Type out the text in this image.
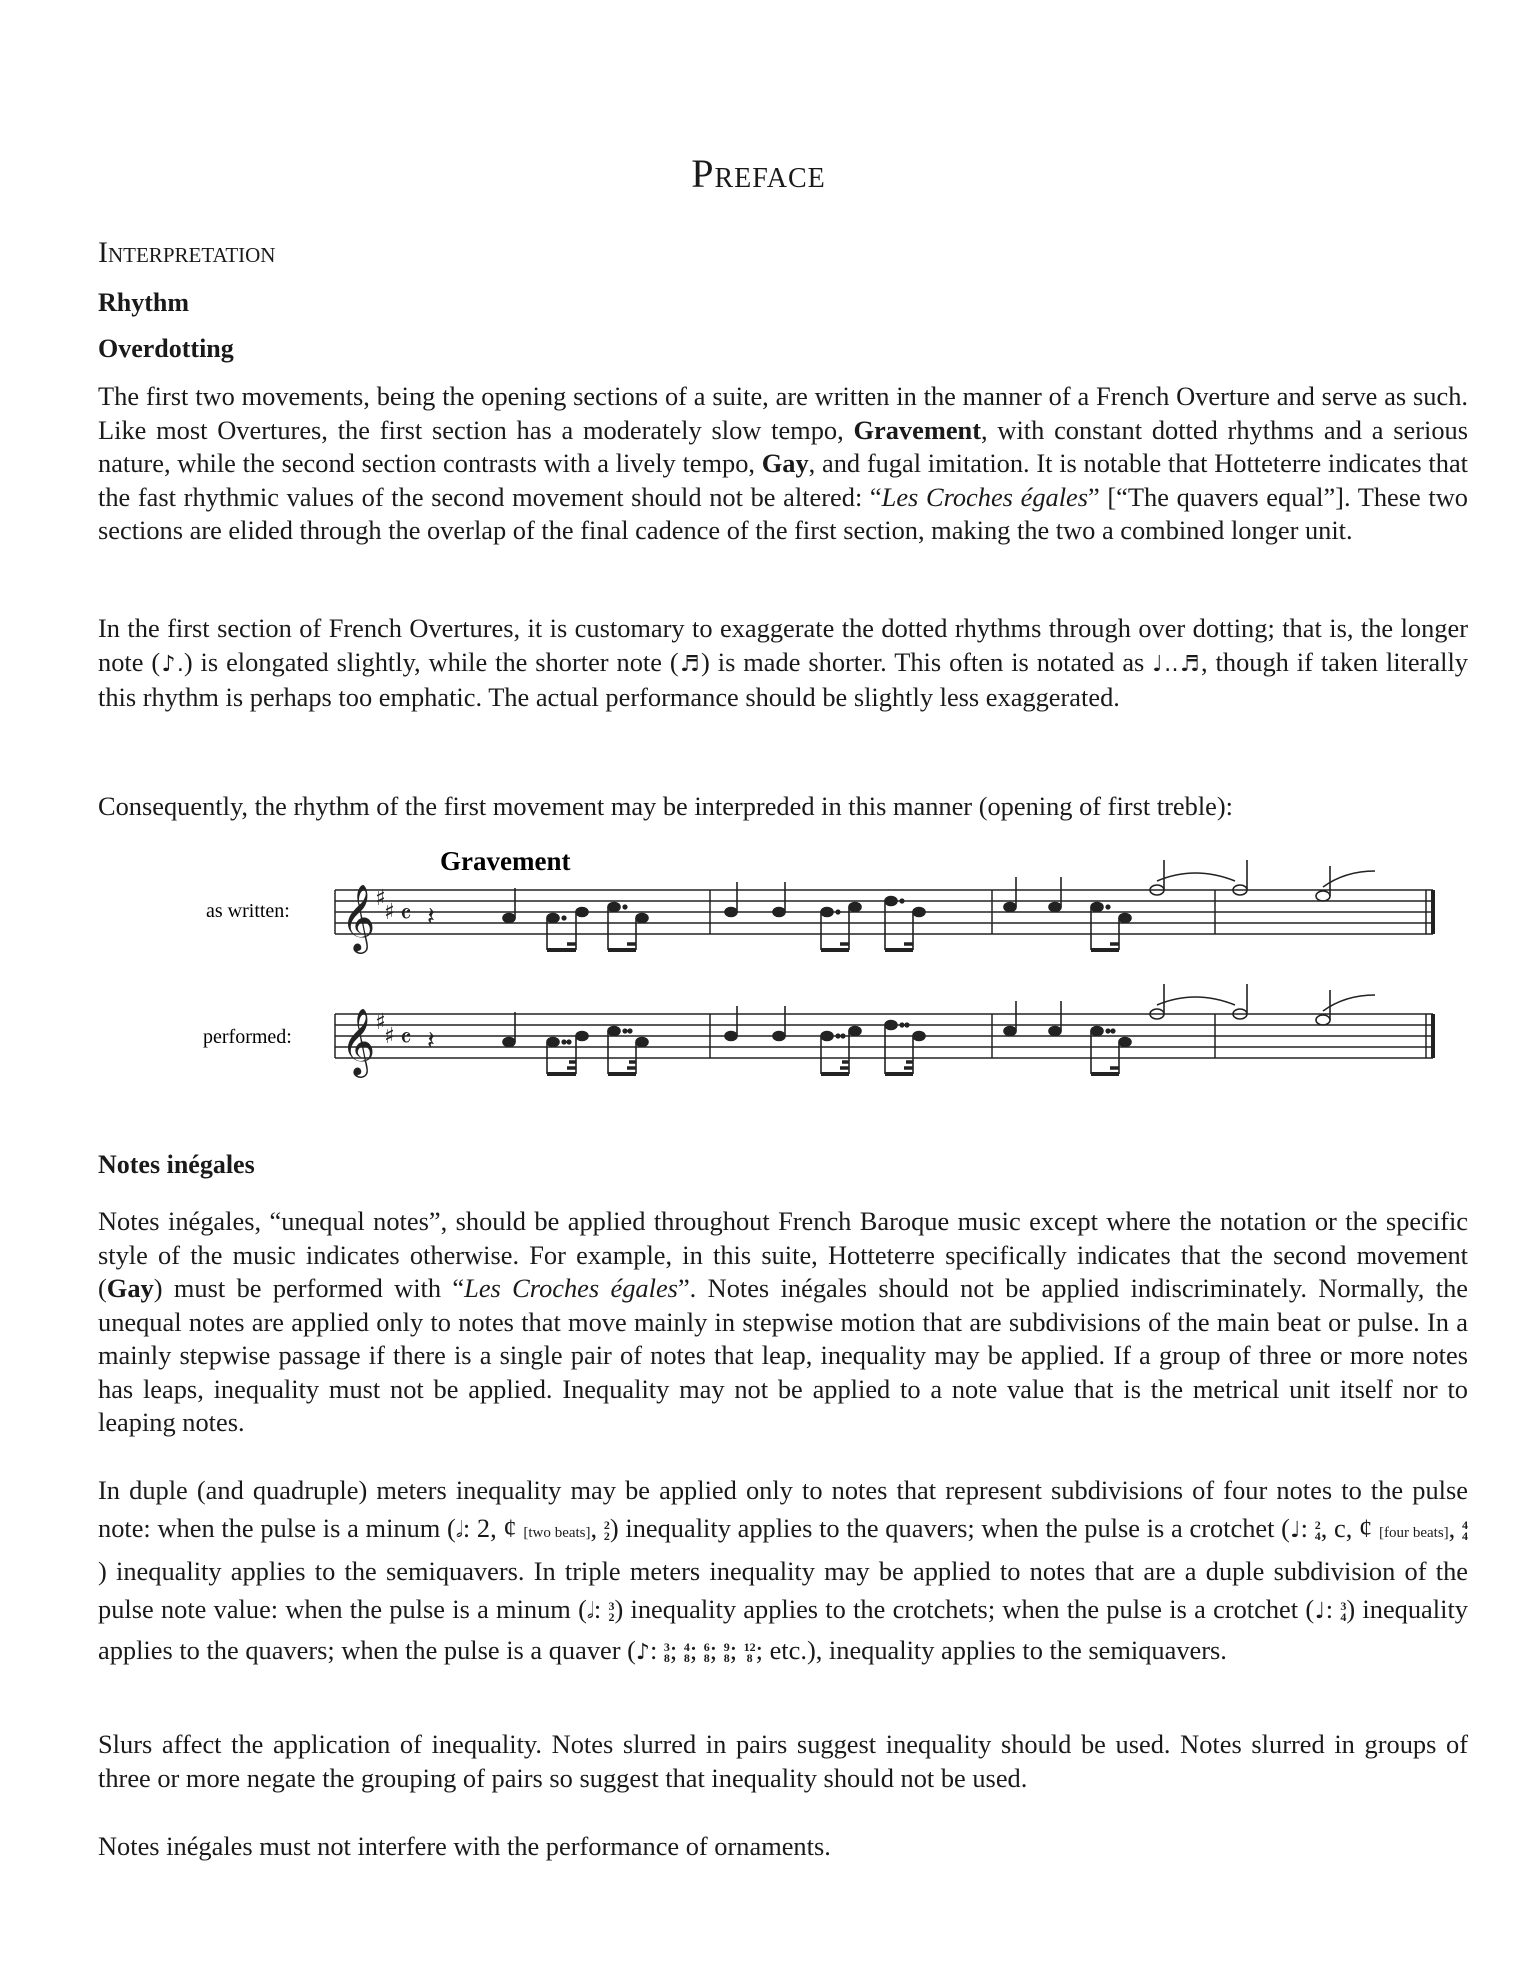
Preface
Interpretation
Rhythm
Overdotting

The first two movements, being the opening sections of a suite, are written in the manner of a French Overture and serve as such. Like most Overtures, the first section has a moderately slow tempo, Gravement, with constant dotted rhythms and a serious nature, while the second section contrasts with a lively tempo, Gay, and fugal imitation. It is notable that Hotteterre indicates that the fast rhythmic values of the second movement should not be altered: “Les Croches égales” [“The quavers equal”]. These two sections are elided through the overlap of the final cadence of the first section, making the two a combined longer unit.

In the first section of French Overtures, it is customary to exaggerate the dotted rhythms through over dotting; that is, the longer note (♪.) is elongated slightly, while the shorter note (♬) is made shorter. This often is notated as ♩‥♬, though if taken literally this rhythm is perhaps too emphatic. The actual performance should be slightly less exaggerated.

Consequently, the rhythm of the first movement may be interpreded in this manner (opening of first treble):
Gravement
as written:
performed:
𝄞
𝄞
♯
♯
♯
♯
𝄴
𝄴
𝄽
𝄽
Notes inégales

Notes inégales, “unequal notes”, should be applied throughout French Baroque music except where the notation or the specific style of the music indicates otherwise. For example, in this suite, Hotteterre specifically indicates that the second movement (Gay) must be performed with “Les Croches égales”. Notes inégales should not be applied indiscriminately. Normally, the unequal notes are applied only to notes that move mainly in stepwise motion that are subdivisions of the main beat or pulse. In a mainly stepwise passage if there is a single pair of notes that leap, inequality may be applied. If a group of three or more notes has leaps, inequality must not be applied. Inequality may not be applied to a note value that is the metrical unit itself nor to leaping notes.

In duple (and quadruple) meters inequality may be applied only to notes that represent subdivisions of four notes to the pulse note: when the pulse is a minum (𝅗𝅥: 2, ¢ [two beats], 2
2) inequality applies to the quavers; when the pulse is a crotchet (♩: 2
4, c, ¢ [four beats], 4
4) inequality applies to the semiquavers. In triple meters inequality may be applied to notes that are a duple subdivision of the pulse note value: when the pulse is a minum (𝅗𝅥: 3
2) inequality applies to the crotchets; when the pulse is a crotchet (♩: 3
4) inequality applies to the quavers; when the pulse is a quaver (♪: 3
8; 4
8; 6
8; 9
8; 12
8 ; etc.), inequality applies to the semiquavers.

Slurs affect the application of inequality. Notes slurred in pairs suggest inequality should be used. Notes slurred in groups of three or more negate the grouping of pairs so suggest that inequality should not be used.
Notes inégales must not interfere with the performance of ornaments.
